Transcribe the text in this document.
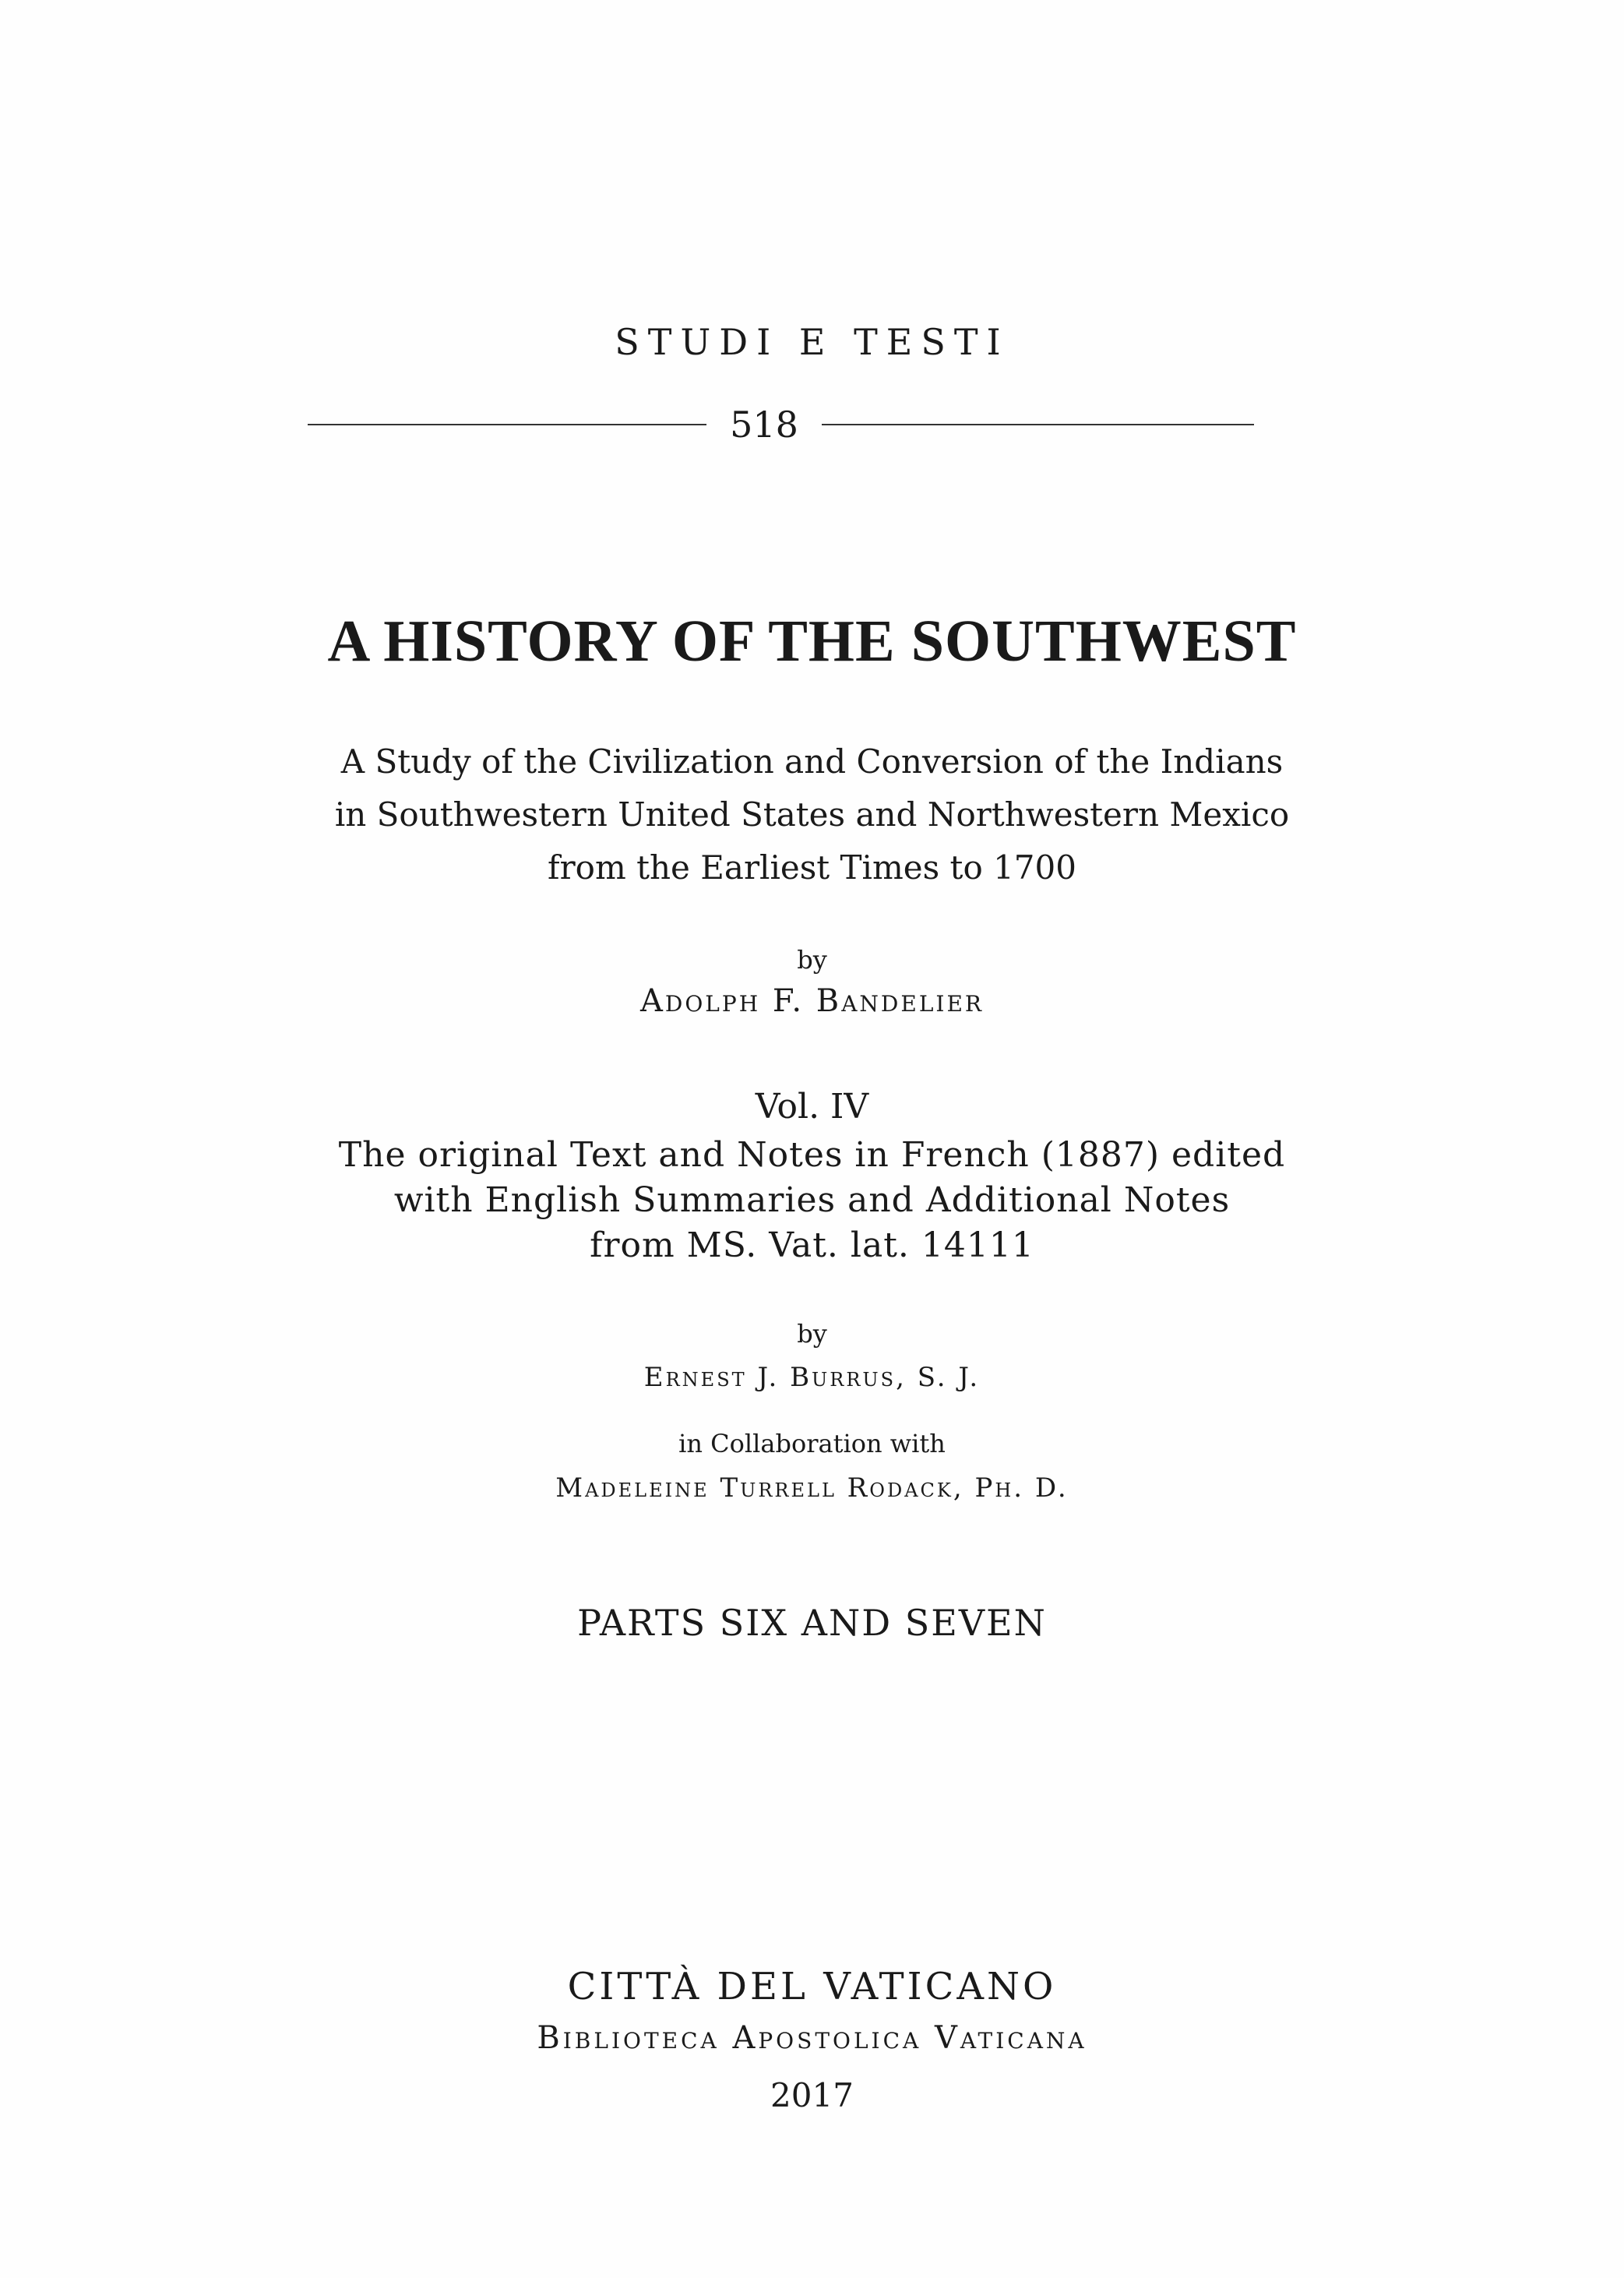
STUDI E TESTI
518
A HISTORY OF THE SOUTHWEST
A Study of the Civilization and Conversion of the Indians
in Southwestern United States and Northwestern Mexico
from the Earliest Times to 1700
by
Adolph F. Bandelier
Vol. IV
The original Text and Notes in French (1887) edited
with English Summaries and Additional Notes
from MS. Vat. lat. 14111
by
Ernest J. Burrus, S. J.
in Collaboration with
Madeleine Turrell Rodack, Ph. D.
PARTS SIX AND SEVEN
CITTÀ DEL VATICANO
Biblioteca Apostolica Vaticana
2017
